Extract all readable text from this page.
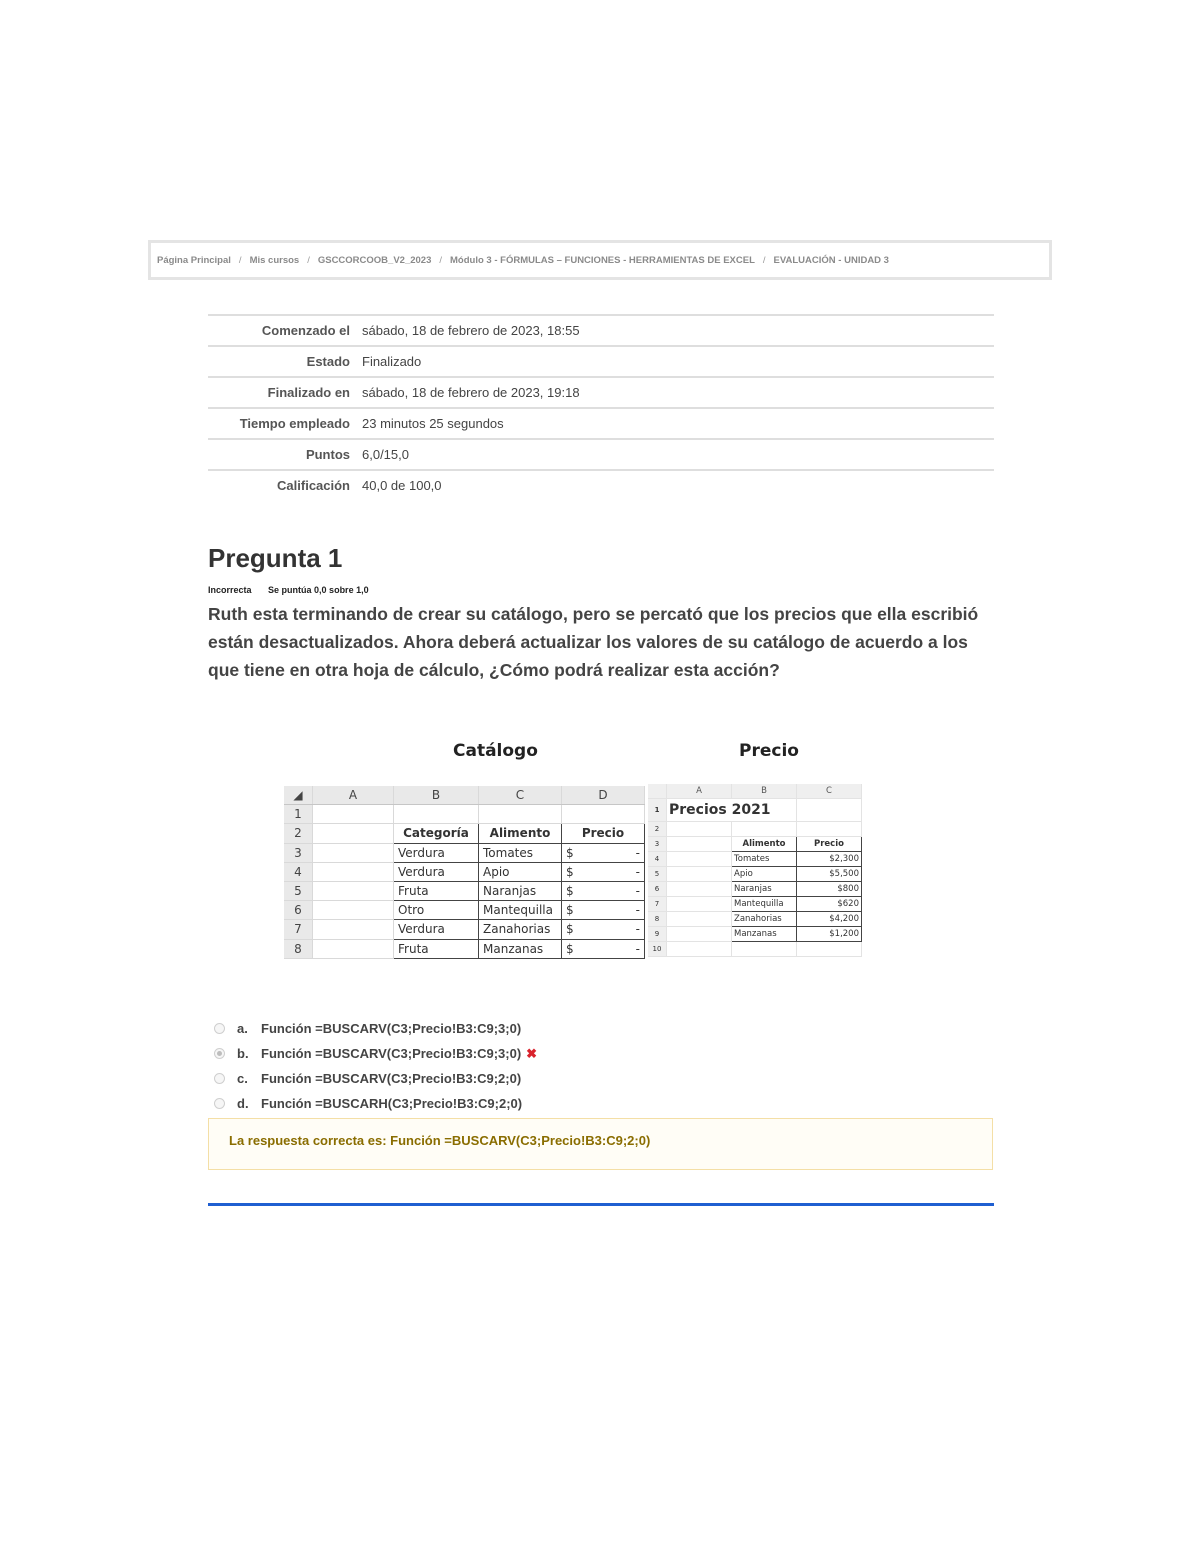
Página Principal / Mis cursos / GSCCORCOOB_V2_2023 / Módulo 3 - FÓRMULAS – FUNCIONES - HERRAMIENTAS DE EXCEL / EVALUACIÓN - UNIDAD 3
Comenzado el	sábado, 18 de febrero de 2023, 18:55
Estado	Finalizado
Finalizado en	sábado, 18 de febrero de 2023, 19:18
Tiempo empleado	23 minutos 25 segundos
Puntos	6,0/15,0
Calificación	40,0 de 100,0
Pregunta 1
Incorrecta Se puntúa 0,0 sobre 1,0

Ruth esta terminando de crear su catálogo, pero se percató que los precios que ella escribió están desactualizados. Ahora deberá actualizar los valores de su catálogo de acuerdo a los que tiene en otra hoja de cálculo, ¿Cómo podrá realizar esta acción?

Catálogo	Precio
◢	A	B	C	D
1				
2		Categoría	Alimento	Precio
3		Verdura	Tomates	$ -

4		Verdura	Apio	$ -

5		Fruta	Naranjas	$ -

6		Otro	Mantequilla	$ -

7		Verdura	Zanahorias	$ -

8		Fruta	Manzanas	$ -
	A	B	C
1	Precios 2021		
2			
3		Alimento	Precio
4		Tomates	$2,300
5		Apio	$5,500
6		Naranjas	$800
7		Mantequilla	$620
8		Zanahorias	$4,200
9		Manzanas	$1,200
10			
a.	Función =BUSCARV(C3;Precio!B3:C9;3;0)
b. Función =BUSCARV(C3;Precio!B3:C9;3;0) ✖
c.	Función =BUSCARV(C3;Precio!B3:C9;2;0)
d. Función =BUSCARH(C3;Precio!B3:C9;2;0)
La respuesta correcta es: Función =BUSCARV(C3;Precio!B3:C9;2;0)
